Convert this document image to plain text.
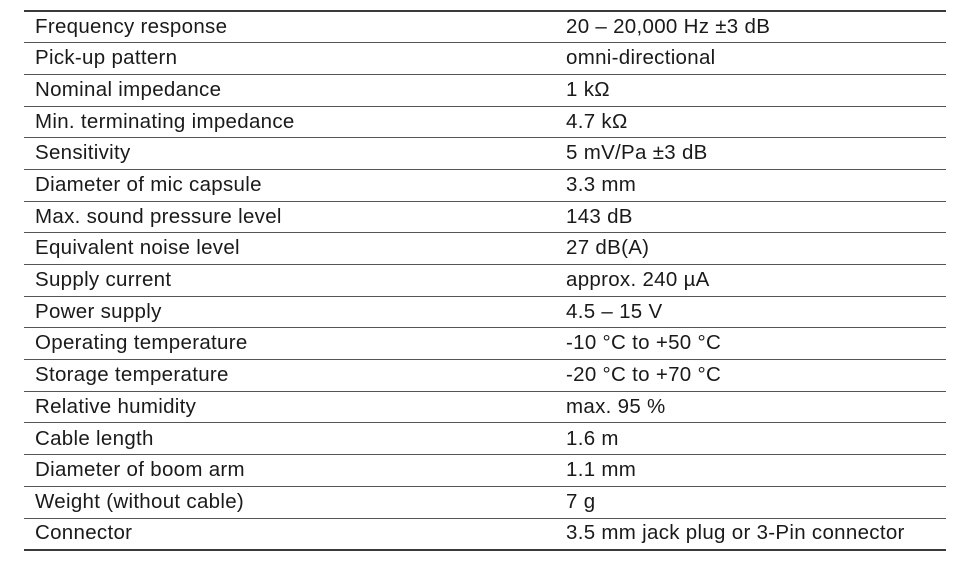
Frequency response	20 – 20,000 Hz ±3 dB
Pick-up pattern	omni-directional
Nominal impedance	1 kΩ
Min. terminating impedance	4.7 kΩ
Sensitivity	5 mV/Pa ±3 dB
Diameter of mic capsule	3.3 mm
Max. sound pressure level	143 dB
Equivalent noise level	27 dB(A)
Supply current	approx. 240 µA
Power supply	4.5 – 15 V
Operating temperature	-10 °C to +50 °C
Storage temperature	-20 °C to +70 °C
Relative humidity	max. 95 %
Cable length	1.6 m
Diameter of boom arm	1.1 mm
Weight (without cable)	7 g
Connector	3.5 mm jack plug or 3-Pin connector
